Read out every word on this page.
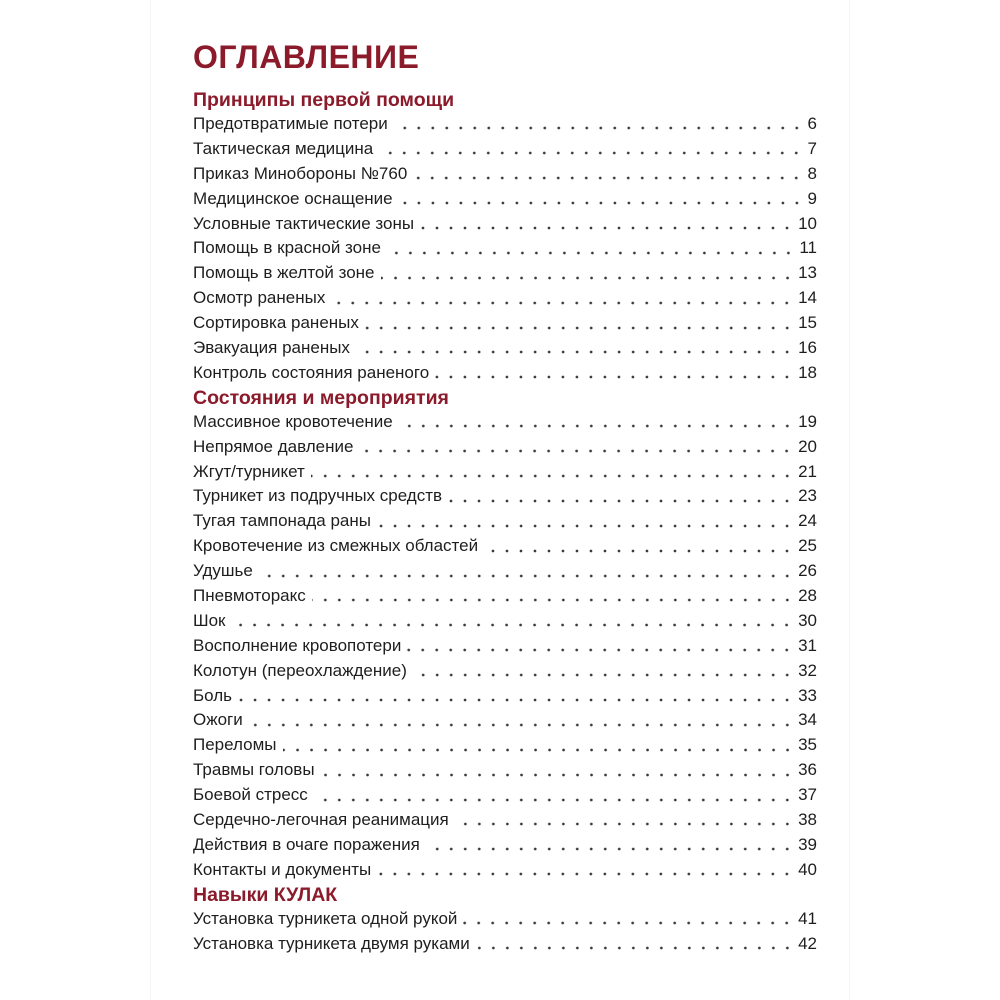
ОГЛАВЛЕНИЕ
Принципы первой помощи
Предотвратимые потери	6
Тактическая медицина	7
Приказ Минобороны №760	8
Медицинское оснащение	9
Условные тактические зоны	10
Помощь в красной зоне	11
Помощь в желтой зоне	13
Осмотр раненых	14
Сортировка раненых	15
Эвакуация раненых	16
Контроль состояния раненого	18
Состояния и мероприятия
Массивное кровотечение	19
Непрямое давление	20
Жгут/турникет	21
Турникет из подручных средств	23
Тугая тампонада раны	24
Кровотечение из смежных областей	25
Удушье	26
Пневмоторакс	28
Шок	30
Восполнение кровопотери	31
Колотун (переохлаждение)	32
Боль	33
Ожоги	34
Переломы	35
Травмы головы	36
Боевой стресс	37
Сердечно-легочная реанимация	38
Действия в очаге поражения	39
Контакты и документы	40
Навыки КУЛАК
Установка турникета одной рукой	41
Установка турникета двумя руками	42
